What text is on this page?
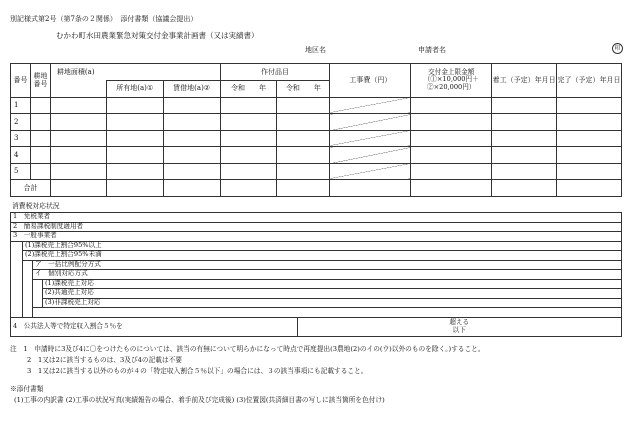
別記様式第2号（第7条の２関係）　添付書類（協議会提出）
むかわ町水田農業緊急対策交付金事業計画書（又は実績書）
地区名	申請者名	印
番号	耕地番号	耕地面積(a)			作付品目		工事費（円）	交付金上限金額（①×10,000円＋②×20,000円）	着工（予定）年月日	完了（予定）年月日
			所有地(a)①	賃借地(a)②	令和　　年	令和　　年				
1										
2										
3										
4										
5										
合計										
消費税対応状況
1　免税業者				
2　簡易課税制度適用者				
3　一般事業者				
	(1)課税売上割合95%以上			
	(2)課税売上割合95%未満			
		ア　一括比例配分方式		
		イ　個別対応方式		
			(1)課税売上対応	
			(2)共通売上対応	
			(3)非課税売上対応	

4　公共法人等で特定収入割合５％を				超える
以下
注　1　申請時に3及び4に〇をつけたものについては、該当の有無について明らかになって時点で再度提出(3農地(2)のイの(ウ)以外のものを除く。)すること。
2　1又は2に該当するものは、3及び4の記載は不要
3　1又は2に該当する以外のものが４の「特定収入割合５％以下」の場合には、３の該当事項にも記載すること。
※添付書類
(1)工事の内訳書 (2)工事の状況写真(実績報告の場合、着手前及び完成後) (3)位置図(共済細目書の写しに該当箇所を色付け)
